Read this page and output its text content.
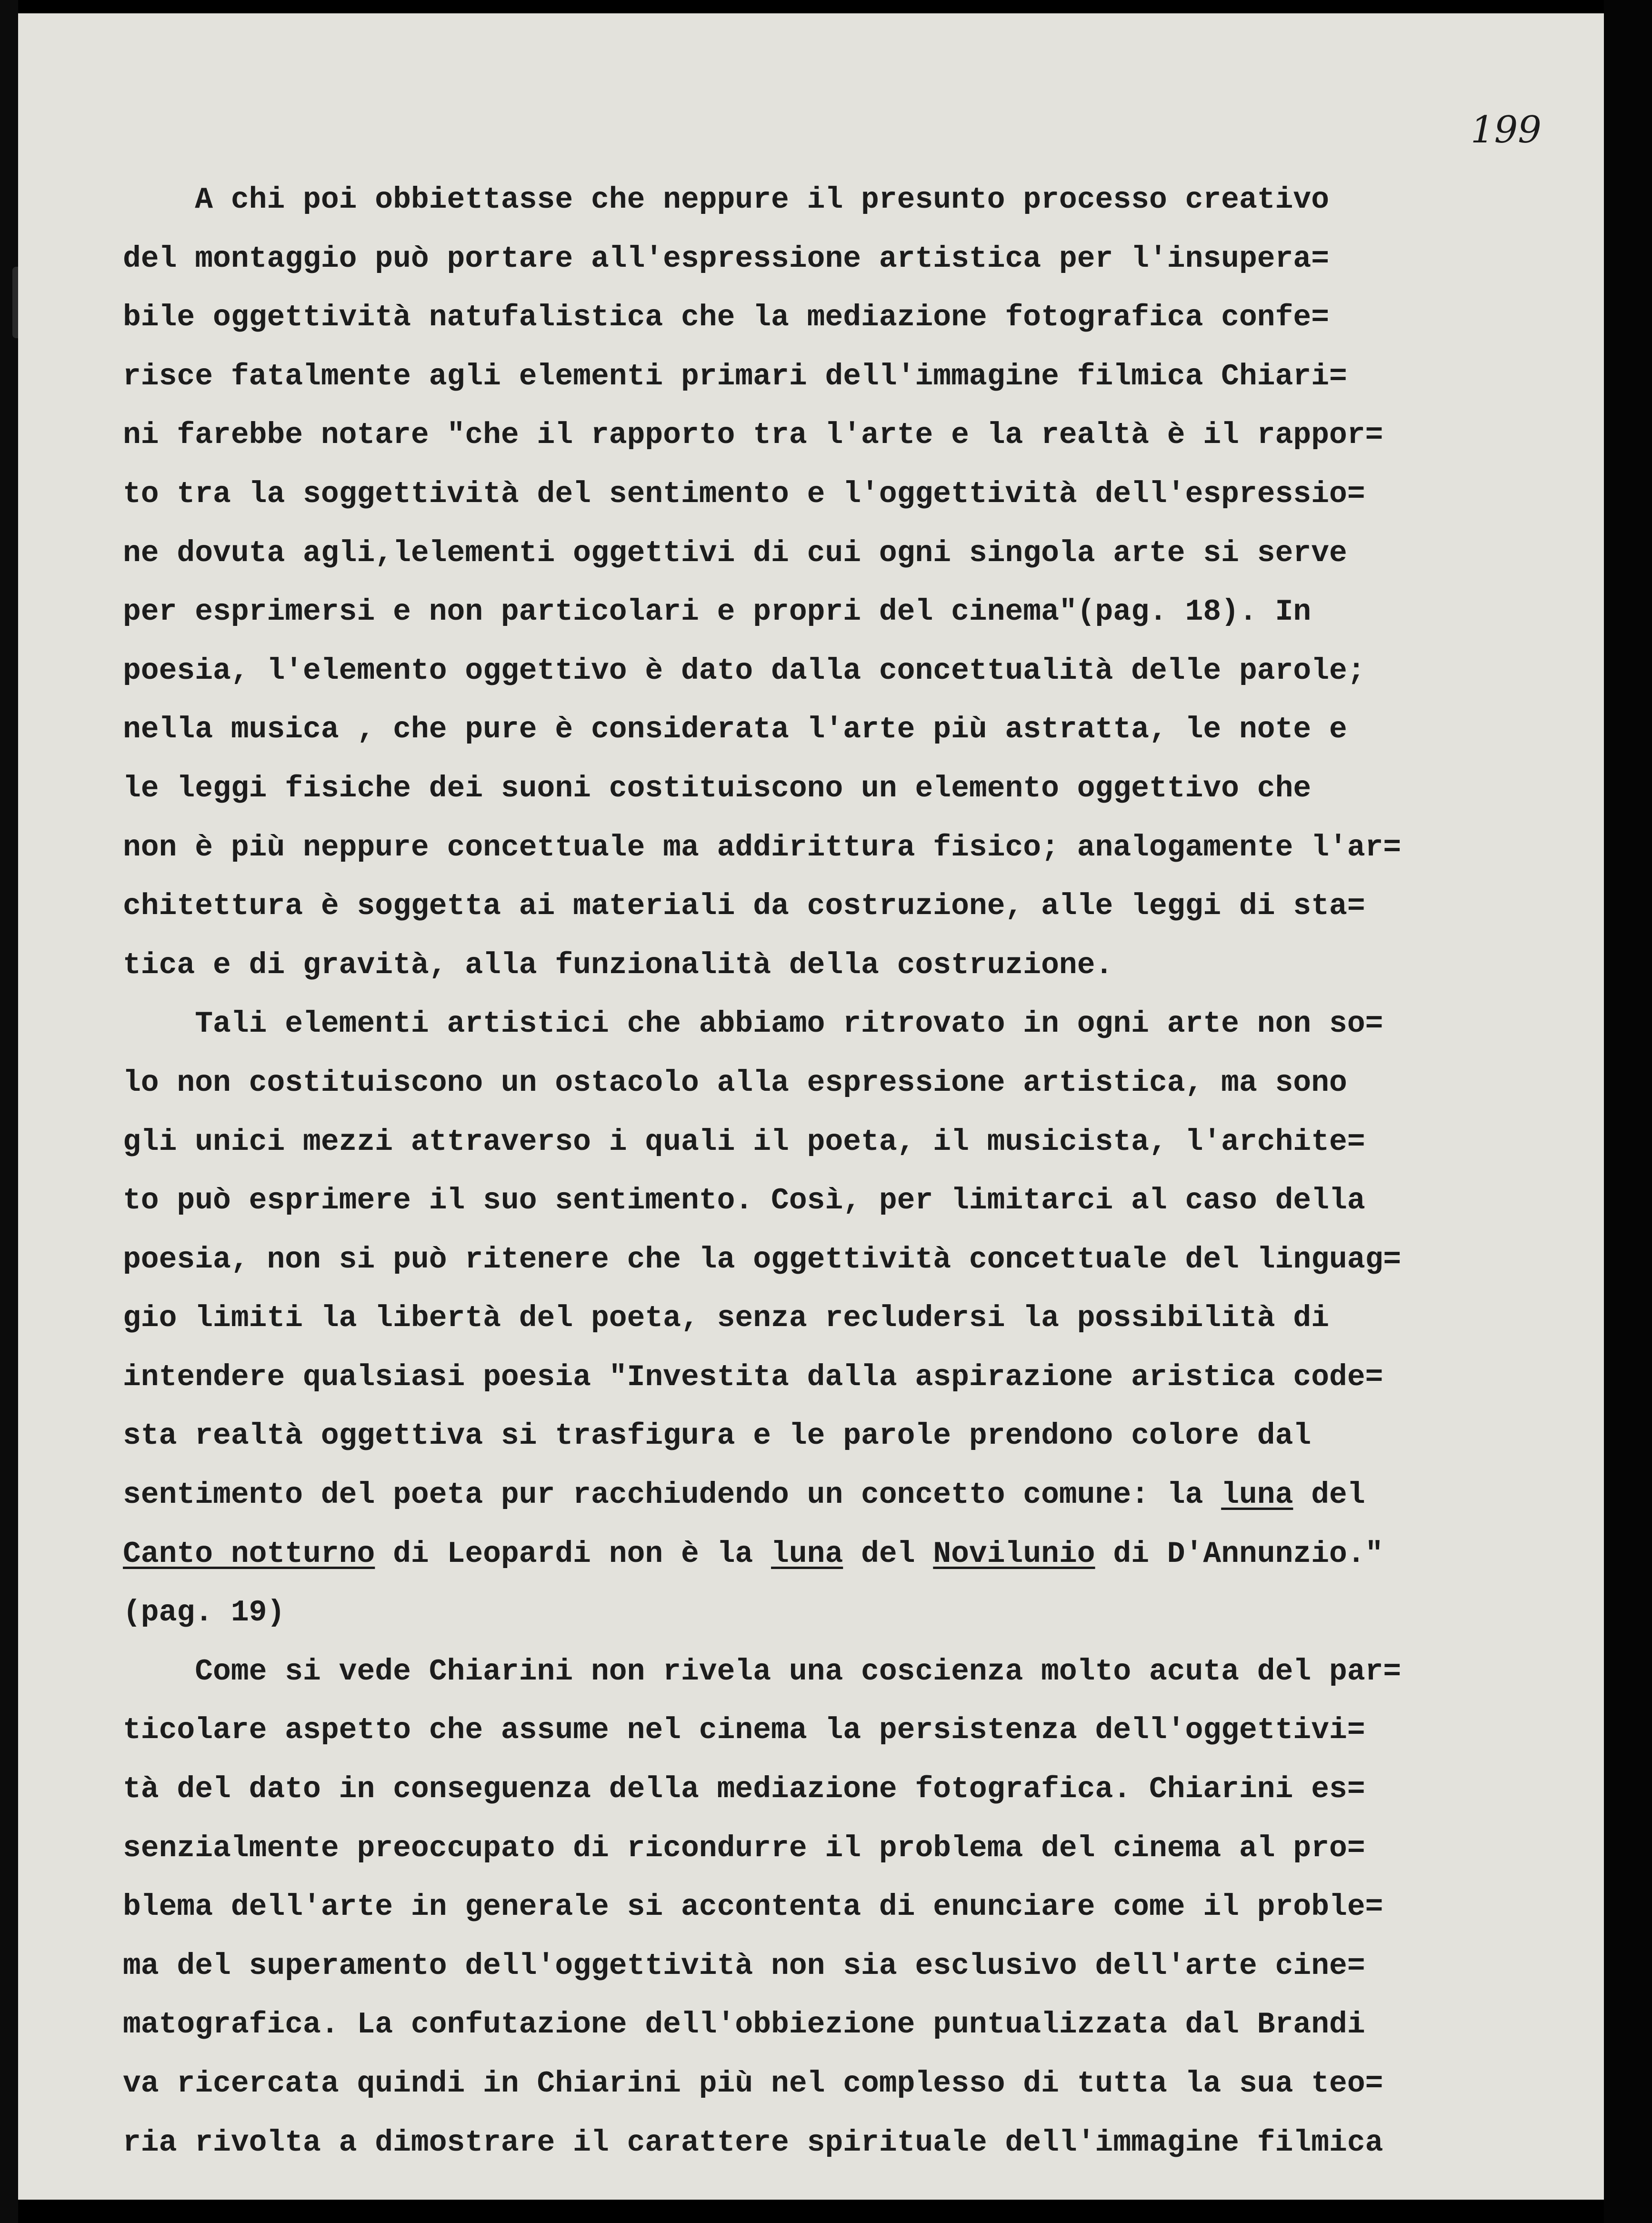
199
A chi poi obbiettasse che neppure il presunto processo creativo
del montaggio può portare all'espressione artistica per l'insupera=
bile oggettività natufalistica che la mediazione fotografica confe=
risce fatalmente agli elementi primari dell'immagine filmica Chiari=
ni farebbe notare "che il rapporto tra l'arte e la realtà è il rappor=
to tra la soggettività del sentimento e l'oggettività dell'espressio=
ne dovuta agli,lelementi oggettivi di cui ogni singola arte si serve
per esprimersi e non particolari e propri del cinema"(pag. 18). In
poesia, l'elemento oggettivo è dato dalla concettualità delle parole;
nella musica , che pure è considerata l'arte più astratta, le note e
le leggi fisiche dei suoni costituiscono un elemento oggettivo che
non è più neppure concettuale ma addirittura fisico; analogamente l'ar=
chitettura è soggetta ai materiali da costruzione, alle leggi di sta=
tica e di gravità, alla funzionalità della costruzione.
Tali elementi artistici che abbiamo ritrovato in ogni arte non so=
lo non costituiscono un ostacolo alla espressione artistica, ma sono
gli unici mezzi attraverso i quali il poeta, il musicista, l'archite=
to può esprimere il suo sentimento. Così, per limitarci al caso della
poesia, non si può ritenere che la oggettività concettuale del linguag=
gio limiti la libertà del poeta, senza recludersi la possibilità di
intendere qualsiasi poesia "Investita dalla aspirazione aristica code=
sta realtà oggettiva si trasfigura e le parole prendono colore dal
sentimento del poeta pur racchiudendo un concetto comune: la luna del
Canto notturno di Leopardi non è la luna del Novilunio di D'Annunzio."
(pag. 19)
Come si vede Chiarini non rivela una coscienza molto acuta del par=
ticolare aspetto che assume nel cinema la persistenza dell'oggettivi=
tà del dato in conseguenza della mediazione fotografica. Chiarini es=
senzialmente preoccupato di ricondurre il problema del cinema al pro=
blema dell'arte in generale si accontenta di enunciare come il proble=
ma del superamento dell'oggettività non sia esclusivo dell'arte cine=
matografica. La confutazione dell'obbiezione puntualizzata dal Brandi
va ricercata quindi in Chiarini più nel complesso di tutta la sua teo=
ria rivolta a dimostrare il carattere spirituale dell'immagine filmica
